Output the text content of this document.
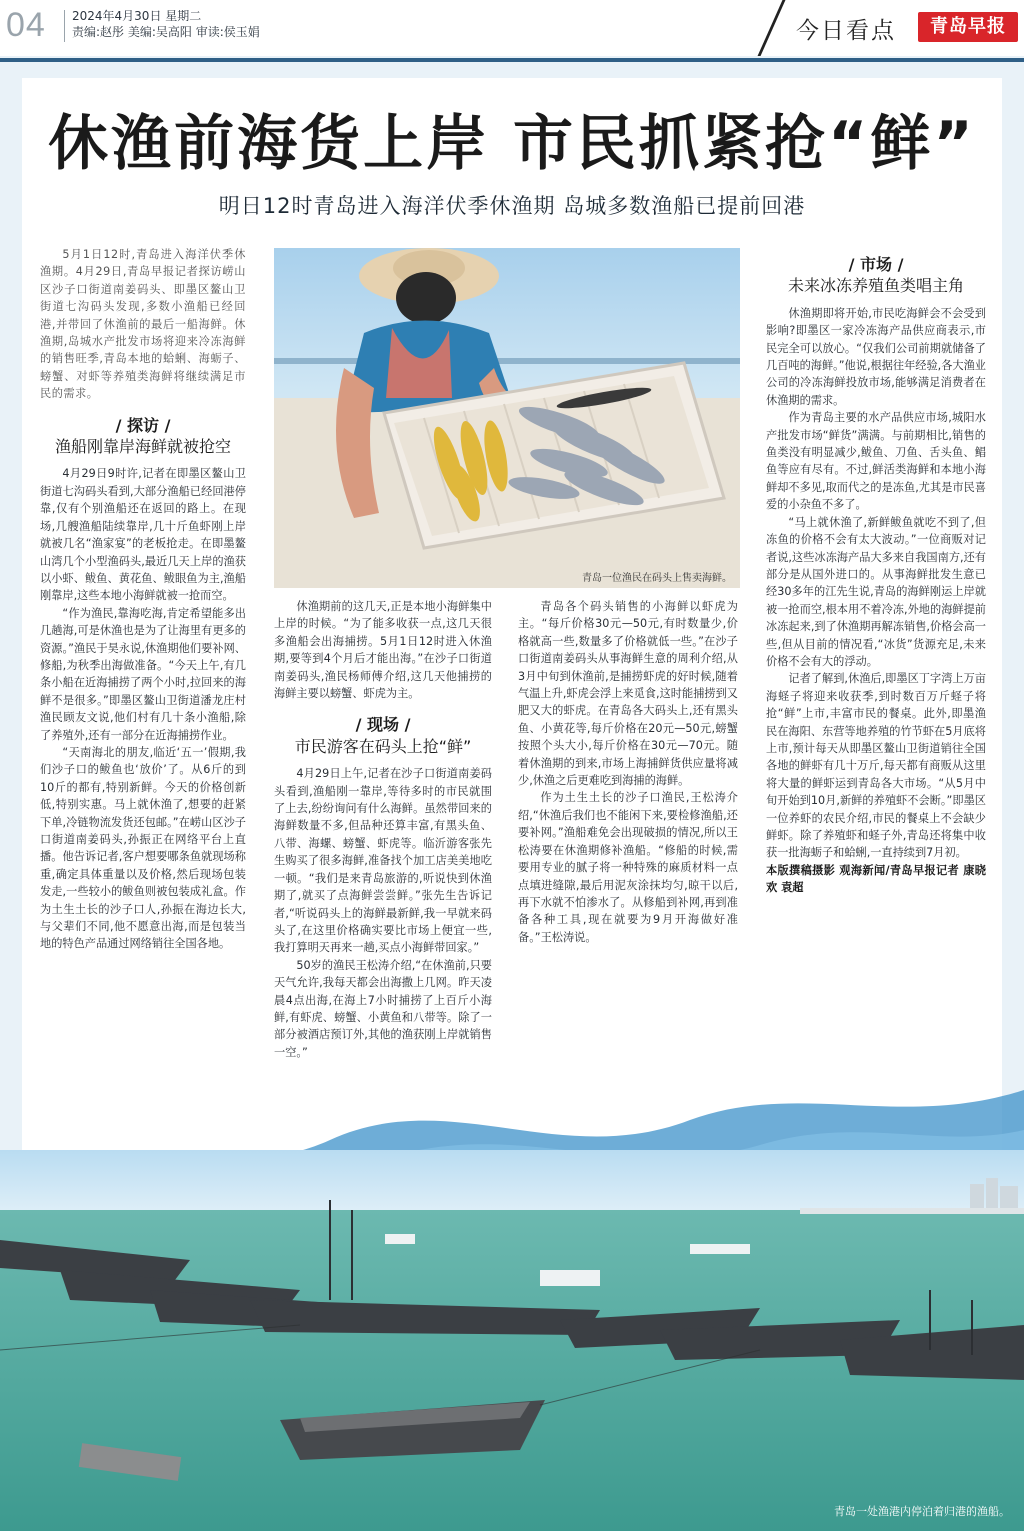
04 2024年4月30日 星期二
责编:赵彤 美编:吴高阳 审读:侯玉娟	今日看点	青岛早报
休渔前海货上岸 市民抓紧抢“鲜”
明日12时青岛进入海洋伏季休渔期 岛城多数渔船已提前回港

5月1日12时,青岛进入海洋伏季休渔期。4月29日,青岛早报记者探访崂山区沙子口街道南姜码头、即墨区鳌山卫街道七沟码头发现,多数小渔船已经回港,并带回了休渔前的最后一船海鲜。休渔期,岛城水产批发市场将迎来冷冻海鲜的销售旺季,青岛本地的蛤蜊、海蛎子、螃蟹、对虾等养殖类海鲜将继续满足市民的需求。

/ 探访 /
渔船刚靠岸海鲜就被抢空

4月29日9时许,记者在即墨区鳌山卫街道七沟码头看到,大部分渔船已经回港停靠,仅有个别渔船还在返回的路上。在现场,几艘渔船陆续靠岸,几十斤鱼虾刚上岸就被几名“渔家宴”的老板抢走。在即墨鳌山湾几个小型渔码头,最近几天上岸的渔获以小虾、鲅鱼、黄花鱼、鲅眼鱼为主,渔船刚靠岸,这些本地小海鲜就被一抢而空。

“作为渔民,靠海吃海,肯定希望能多出几趟海,可是休渔也是为了让海里有更多的资源。”渔民于昊永说,休渔期他们要补网、修船,为秋季出海做准备。“今天上午,有几条小船在近海捕捞了两个小时,拉回来的海鲜不是很多。”即墨区鳌山卫街道潘龙庄村渔民顾友文说,他们村有几十条小渔船,除了养殖外,还有一部分在近海捕捞作业。

“天南海北的朋友,临近‘五一’假期,我们沙子口的鲅鱼也‘放价’了。从6斤的到10斤的都有,特别新鲜。今天的价格创新低,特别实惠。马上就休渔了,想要的赶紧下单,冷链物流发货还包邮。”在崂山区沙子口街道南姜码头,孙振正在网络平台上直播。他告诉记者,客户想要哪条鱼就现场称重,确定具体重量以及价格,然后现场包装发走,一些较小的鲅鱼则被包装成礼盒。作为土生土长的沙子口人,孙振在海边长大,与父辈们不同,他不愿意出海,而是包装当地的特色产品通过网络销往全国各地。

青岛一位渔民在码头上售卖海鲜。

休渔期前的这几天,正是本地小海鲜集中上岸的时候。“为了能多收获一点,这几天很多渔船会出海捕捞。5月1日12时进入休渔期,要等到4个月后才能出海。”在沙子口街道南姜码头,渔民杨师傅介绍,这几天他捕捞的海鲜主要以螃蟹、虾虎为主。

/ 现场 /
市民游客在码头上抢“鲜”

4月29日上午,记者在沙子口街道南姜码头看到,渔船刚一靠岸,等待多时的市民就围了上去,纷纷询问有什么海鲜。虽然带回来的海鲜数量不多,但品种还算丰富,有黑头鱼、八带、海螺、螃蟹、虾虎等。临沂游客张先生购买了很多海鲜,准备找个加工店美美地吃一顿。“我们是来青岛旅游的,听说快到休渔期了,就买了点海鲜尝尝鲜。”张先生告诉记者,“听说码头上的海鲜最新鲜,我一早就来码头了,在这里价格确实要比市场上便宜一些,我打算明天再来一趟,买点小海鲜带回家。”

50岁的渔民王松涛介绍,“在休渔前,只要天气允许,我每天都会出海撒上几网。昨天凌晨4点出海,在海上7小时捕捞了上百斤小海鲜,有虾虎、螃蟹、小黄鱼和八带等。除了一部分被酒店预订外,其他的渔获刚上岸就销售一空。”

青岛各个码头销售的小海鲜以虾虎为主。“每斤价格30元—50元,有时数量少,价格就高一些,数量多了价格就低一些。”在沙子口街道南姜码头从事海鲜生意的周利介绍,从3月中旬到休渔前,是捕捞虾虎的好时候,随着气温上升,虾虎会浮上来觅食,这时能捕捞到又肥又大的虾虎。在青岛各大码头上,还有黑头鱼、小黄花等,每斤价格在20元—50元,螃蟹按照个头大小,每斤价格在30元—70元。随着休渔期的到来,市场上海捕鲜货供应量将减少,休渔之后更难吃到海捕的海鲜。

作为土生土长的沙子口渔民,王松涛介绍,“休渔后我们也不能闲下来,要检修渔船,还要补网。”渔船难免会出现破损的情况,所以王松涛要在休渔期修补渔船。“修船的时候,需要用专业的腻子将一种特殊的麻质材料一点点填进缝隙,最后用泥灰涂抹均匀,晾干以后,再下水就不怕渗水了。从修船到补网,再到准备各种工具,现在就要为9月开海做好准备。”王松涛说。

/ 市场 /
未来冰冻养殖鱼类唱主角

休渔期即将开始,市民吃海鲜会不会受到影响?即墨区一家冷冻海产品供应商表示,市民完全可以放心。“仅我们公司前期就储备了几百吨的海鲜。”他说,根据往年经验,各大渔业公司的冷冻海鲜投放市场,能够满足消费者在休渔期的需求。

作为青岛主要的水产品供应市场,城阳水产批发市场“鲜货”满满。与前期相比,销售的鱼类没有明显减少,鲅鱼、刀鱼、舌头鱼、鲳鱼等应有尽有。不过,鲜活类海鲜和本地小海鲜却不多见,取而代之的是冻鱼,尤其是市民喜爱的小杂鱼不多了。

“马上就休渔了,新鲜鲅鱼就吃不到了,但冻鱼的价格不会有太大波动。”一位商贩对记者说,这些冰冻海产品大多来自我国南方,还有部分是从国外进口的。从事海鲜批发生意已经30多年的江先生说,青岛的海鲜刚运上岸就被一抢而空,根本用不着冷冻,外地的海鲜提前冰冻起来,到了休渔期再解冻销售,价格会高一些,但从目前的情况看,“冰货”货源充足,未来价格不会有大的浮动。

记者了解到,休渔后,即墨区丁字湾上万亩海蛏子将迎来收获季,到时数百万斤蛏子将抢“鲜”上市,丰富市民的餐桌。此外,即墨渔民在海阳、东营等地养殖的竹节虾在5月底将上市,预计每天从即墨区鳌山卫街道销往全国各地的鲜虾有几十万斤,每天都有商贩从这里将大量的鲜虾运到青岛各大市场。“从5月中旬开始到10月,新鲜的养殖虾不会断。”即墨区一位养虾的农民介绍,市民的餐桌上不会缺少鲜虾。除了养殖虾和蛏子外,青岛还将集中收获一批海蛎子和蛤蜊,一直持续到7月初。

本版撰稿摄影 观海新闻/青岛早报记者 康晓欢 袁超

青岛一处渔港内停泊着归港的渔船。
